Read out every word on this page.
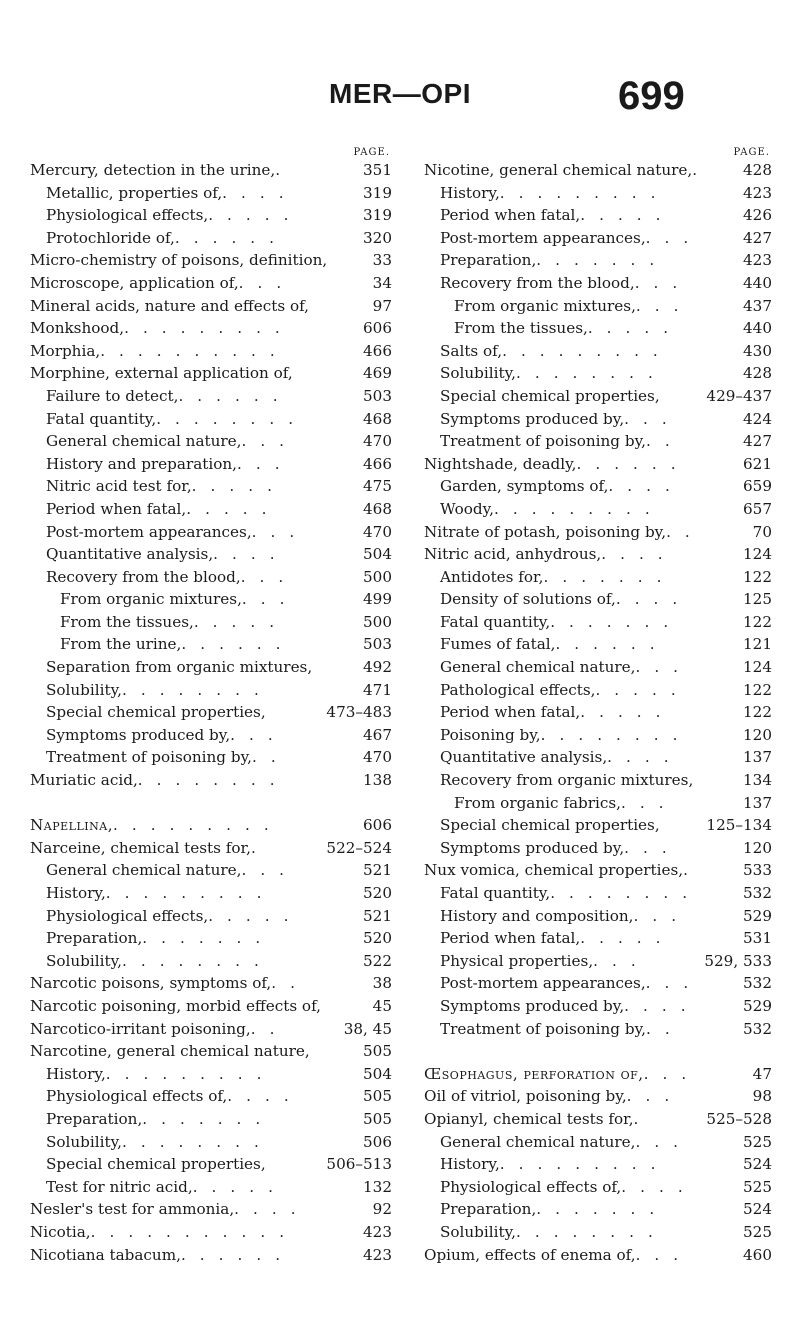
MER—OPI	699
PAGE.
Mercury, detection in the urine, .	351
Metallic, properties of, . . . .	319
Physiological effects, . . . . .	319
Protochloride of, . . . . . .	320
Micro-chemistry of poisons, definition,	33
Microscope, application of, . . .	34
Mineral acids, nature and effects of,	97
Monkshood, . . . . . . . . .	606
Morphia, . . . . . . . . . .	466
Morphine, external application of,	469
Failure to detect, . . . . . .	503
Fatal quantity, . . . . . . . .	468
General chemical nature, . . .	470
History and preparation, . . .	466
Nitric acid test for, . . . . .	475
Period when fatal, . . . . .	468
Post-mortem appearances, . . .	470
Quantitative analysis, . . . .	504
Recovery from the blood, . . .	500
From organic mixtures, . . .	499
From the tissues, . . . . .	500
From the urine, . . . . . .	503
Separation from organic mixtures,	492
Solubility, . . . . . . . .	471
Special chemical properties,	473–483
Symptoms produced by, . . .	467
Treatment of poisoning by, . .	470
Muriatic acid, . . . . . . . .	138
Napellina, . . . . . . . . .	606
Narceine, chemical tests for, .	522–524
General chemical nature, . . .	521
History, . . . . . . . . .	520
Physiological effects, . . . . .	521
Preparation, . . . . . . .	520
Solubility, . . . . . . . .	522
Narcotic poisons, symptoms of, . .	38
Narcotic poisoning, morbid effects of,	45
Narcotico-irritant poisoning, . .	38, 45
Narcotine, general chemical nature,	505
History, . . . . . . . . .	504
Physiological effects of, . . . .	505
Preparation, . . . . . . .	505
Solubility, . . . . . . . .	506
Special chemical properties,	506–513
Test for nitric acid, . . . . .	132
Nesler's test for ammonia, . . . .	92
Nicotia, . . . . . . . . . . .	423
Nicotiana tabacum, . . . . . .	423
PAGE.
Nicotine, general chemical nature, .	428
History, . . . . . . . . .	423
Period when fatal, . . . . .	426
Post-mortem appearances, . . .	427
Preparation, . . . . . . .	423
Recovery from the blood, . . .	440
From organic mixtures, . . .	437
From the tissues, . . . . .	440
Salts of, . . . . . . . . .	430
Solubility, . . . . . . . .	428
Special chemical properties,	429–437
Symptoms produced by, . . .	424
Treatment of poisoning by, . .	427
Nightshade, deadly, . . . . . .	621
Garden, symptoms of, . . . .	659
Woody, . . . . . . . . .	657
Nitrate of potash, poisoning by, . .	70
Nitric acid, anhydrous, . . . .	124
Antidotes for, . . . . . . .	122
Density of solutions of, . . . .	125
Fatal quantity, . . . . . . .	122
Fumes of fatal, . . . . . .	121
General chemical nature, . . .	124
Pathological effects, . . . . .	122
Period when fatal, . . . . .	122
Poisoning by, . . . . . . . .	120
Quantitative analysis, . . . .	137
Recovery from organic mixtures,	134
From organic fabrics, . . .	137
Special chemical properties,	125–134
Symptoms produced by, . . .	120
Nux vomica, chemical properties, .	533
Fatal quantity, . . . . . . . .	532
History and composition, . . .	529
Period when fatal, . . . . .	531
Physical properties, . . .	529, 533
Post-mortem appearances, . . .	532
Symptoms produced by, . . . .	529
Treatment of poisoning by, . .	532
Œsophagus, perforation of, . . .	47
Oil of vitriol, poisoning by, . . .	98
Opianyl, chemical tests for, .	525–528
General chemical nature, . . .	525
History, . . . . . . . . .	524
Physiological effects of, . . . .	525
Preparation, . . . . . . .	524
Solubility, . . . . . . . .	525
Opium, effects of enema of, . . .	460
